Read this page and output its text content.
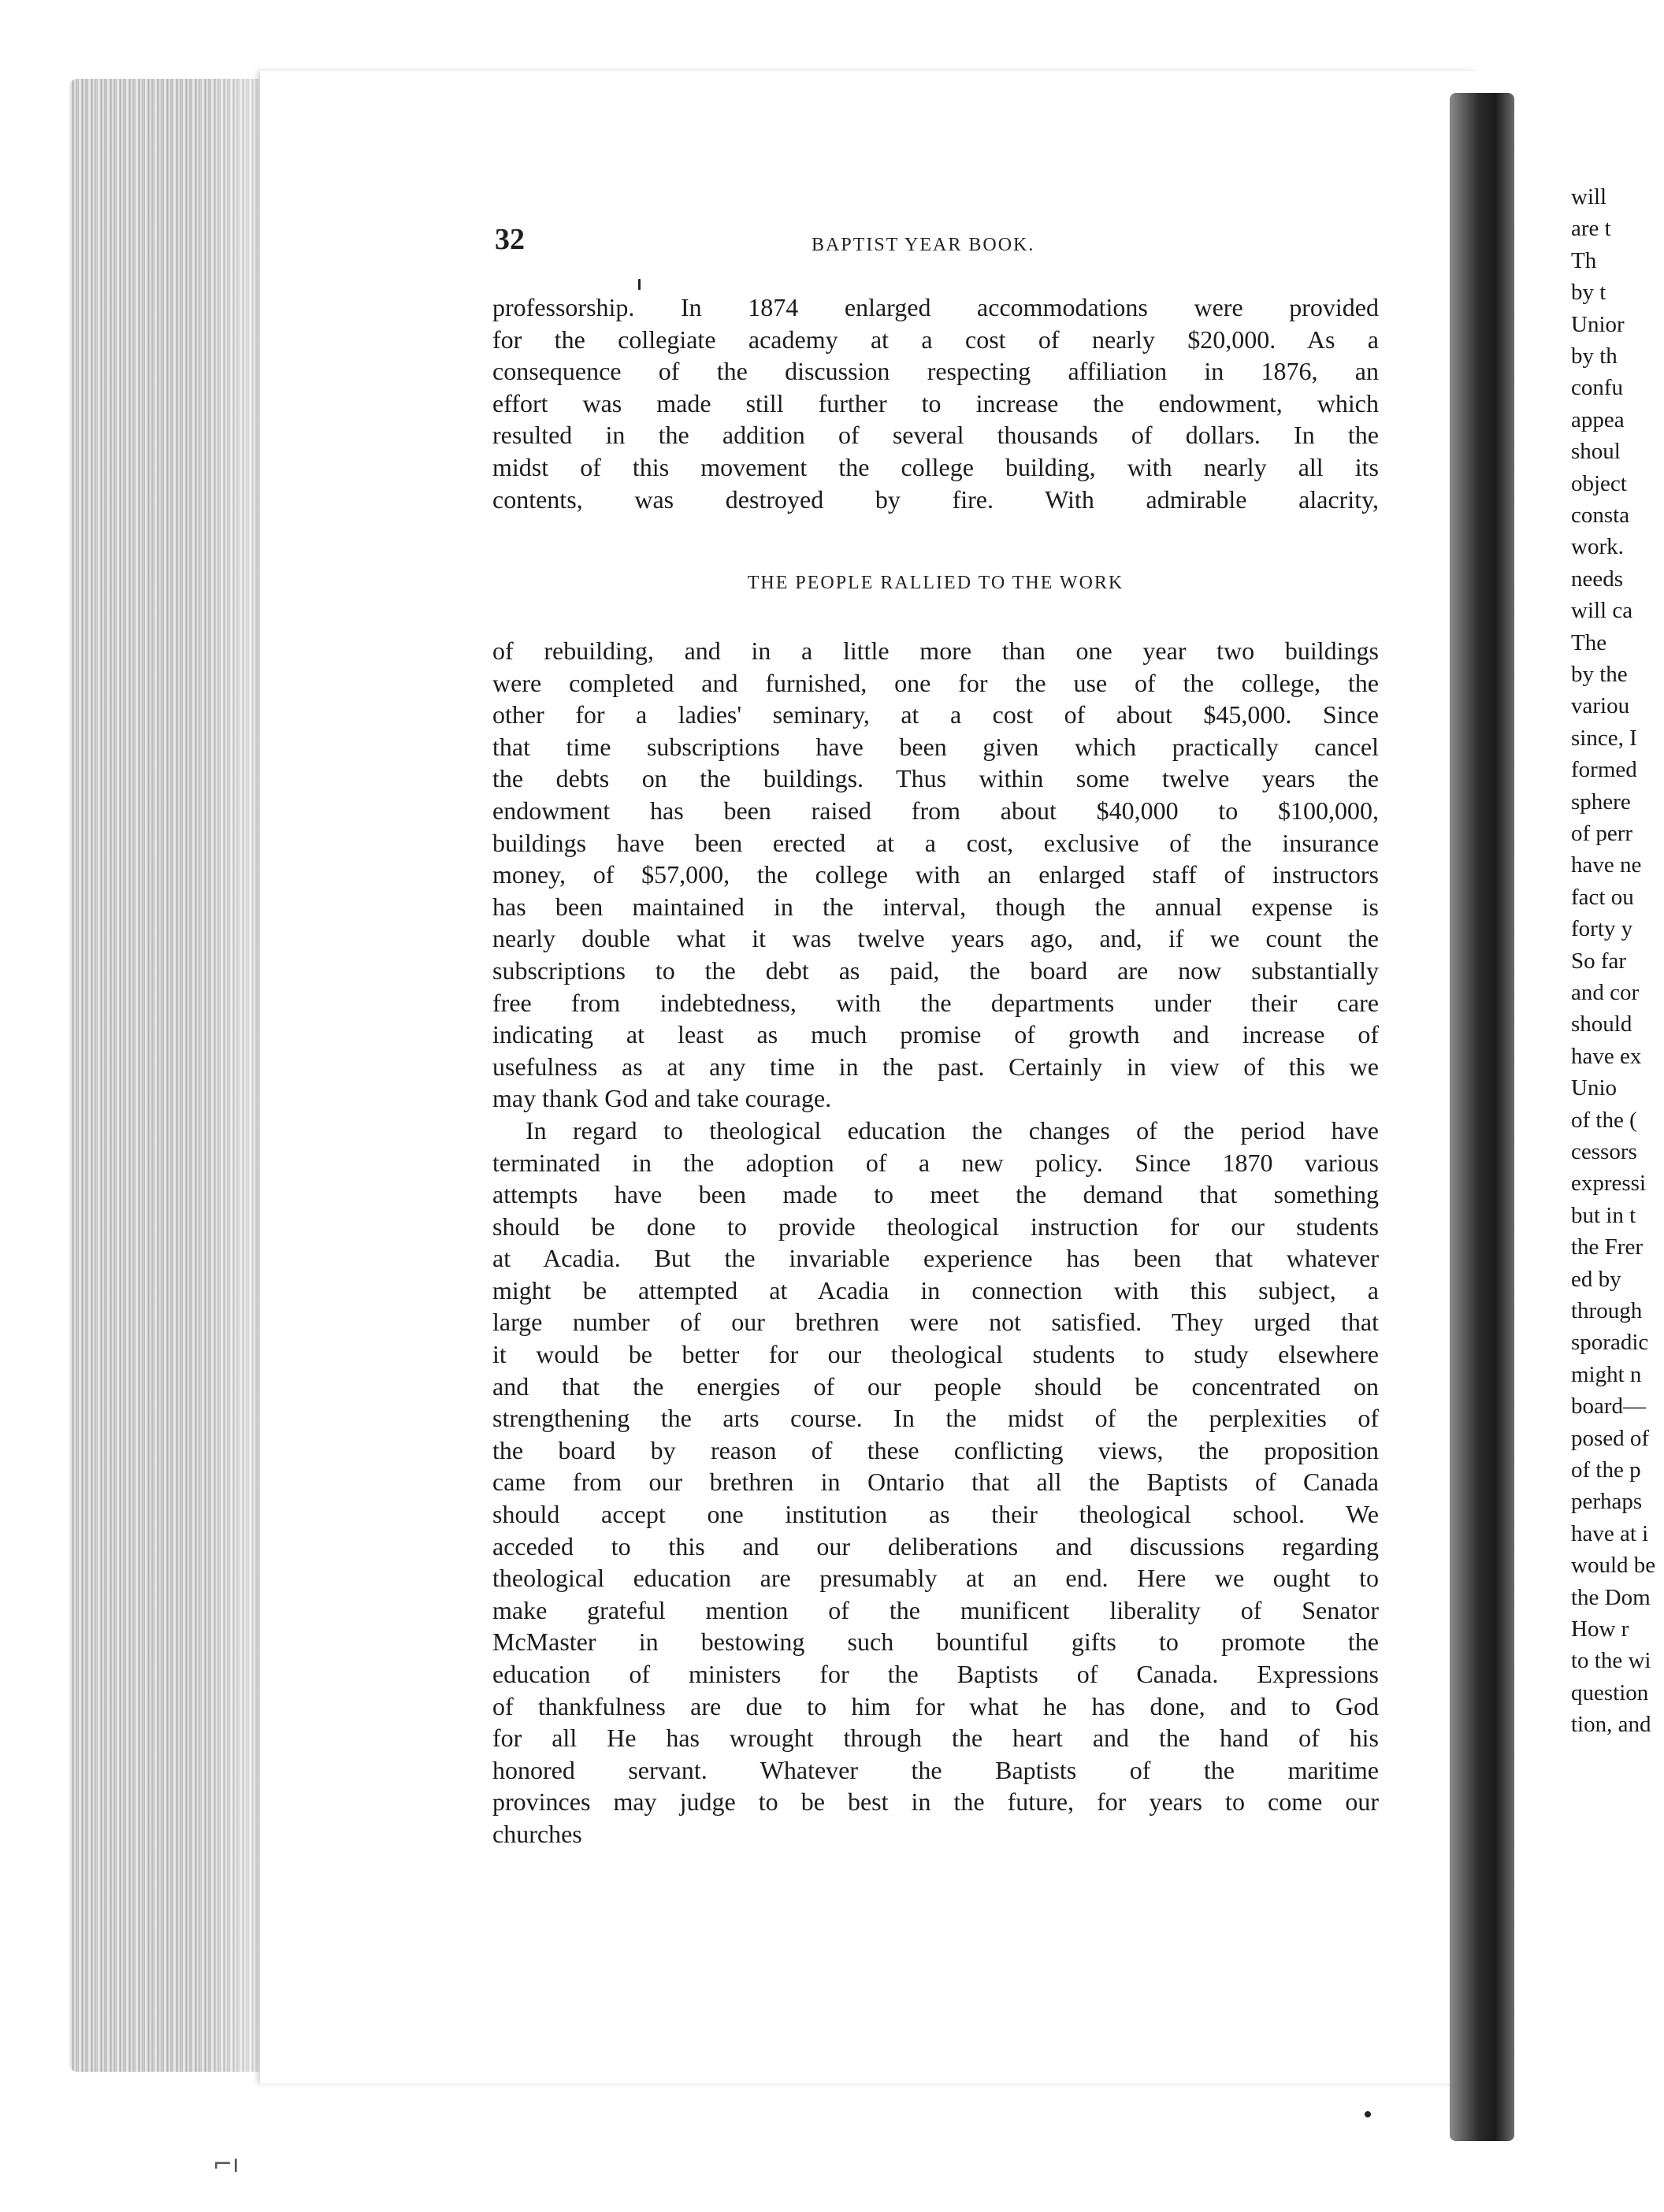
will
are t
Th
by t
Unior
by th
confu
appea
shoul
object
consta
work.
needs
will ca
The
by the
variou
since, I
formed
sphere
of perr
have ne
fact ou
forty y
So far
and cor
should
have ex
Unio
of the (
cessors
expressi
but in t
the Frer
ed by
through
sporadic
might n
board—
posed of
of the p
perhaps
have at i
would be
the Dom
How r
to the wi
question
tion, and
32	BAPTIST YEAR BOOK.
professorship. In 1874 enlarged accommodations were provided
for the collegiate academy at a cost of nearly $20,000. As a
consequence of the discussion respecting affiliation in 1876, an
effort was made still further to increase the endowment, which
resulted in the addition of several thousands of dollars. In the
midst of this movement the college building, with nearly all its
contents, was destroyed by fire. With admirable alacrity,
THE PEOPLE RALLIED TO THE WORK
of rebuilding, and in a little more than one year two buildings
were completed and furnished, one for the use of the college, the
other for a ladies' seminary, at a cost of about $45,000. Since
that time subscriptions have been given which practically cancel
the debts on the buildings. Thus within some twelve years the
endowment has been raised from about $40,000 to $100,000,
buildings have been erected at a cost, exclusive of the insurance
money, of $57,000, the college with an enlarged staff of instructors
has been maintained in the interval, though the annual expense is
nearly double what it was twelve years ago, and, if we count the
subscriptions to the debt as paid, the board are now substantially
free from indebtedness, with the departments under their care
indicating at least as much promise of growth and increase of
usefulness as at any time in the past. Certainly in view of this we
may thank God and take courage.
In regard to theological education the changes of the period have
terminated in the adoption of a new policy. Since 1870 various
attempts have been made to meet the demand that something
should be done to provide theological instruction for our students
at Acadia. But the invariable experience has been that whatever
might be attempted at Acadia in connection with this subject, a
large number of our brethren were not satisfied. They urged that
it would be better for our theological students to study elsewhere
and that the energies of our people should be concentrated on
strengthening the arts course. In the midst of the perplexities of
the board by reason of these conflicting views, the proposition
came from our brethren in Ontario that all the Baptists of Canada
should accept one institution as their theological school. We
acceded to this and our deliberations and discussions regarding
theological education are presumably at an end. Here we ought to
make grateful mention of the munificent liberality of Senator
McMaster in bestowing such bountiful gifts to promote the
education of ministers for the Baptists of Canada. Expressions
of thankfulness are due to him for what he has done, and to God
for all He has wrought through the heart and the hand of his
honored servant. Whatever the Baptists of the maritime
provinces may judge to be best in the future, for years to come our
churches
⌐ı
